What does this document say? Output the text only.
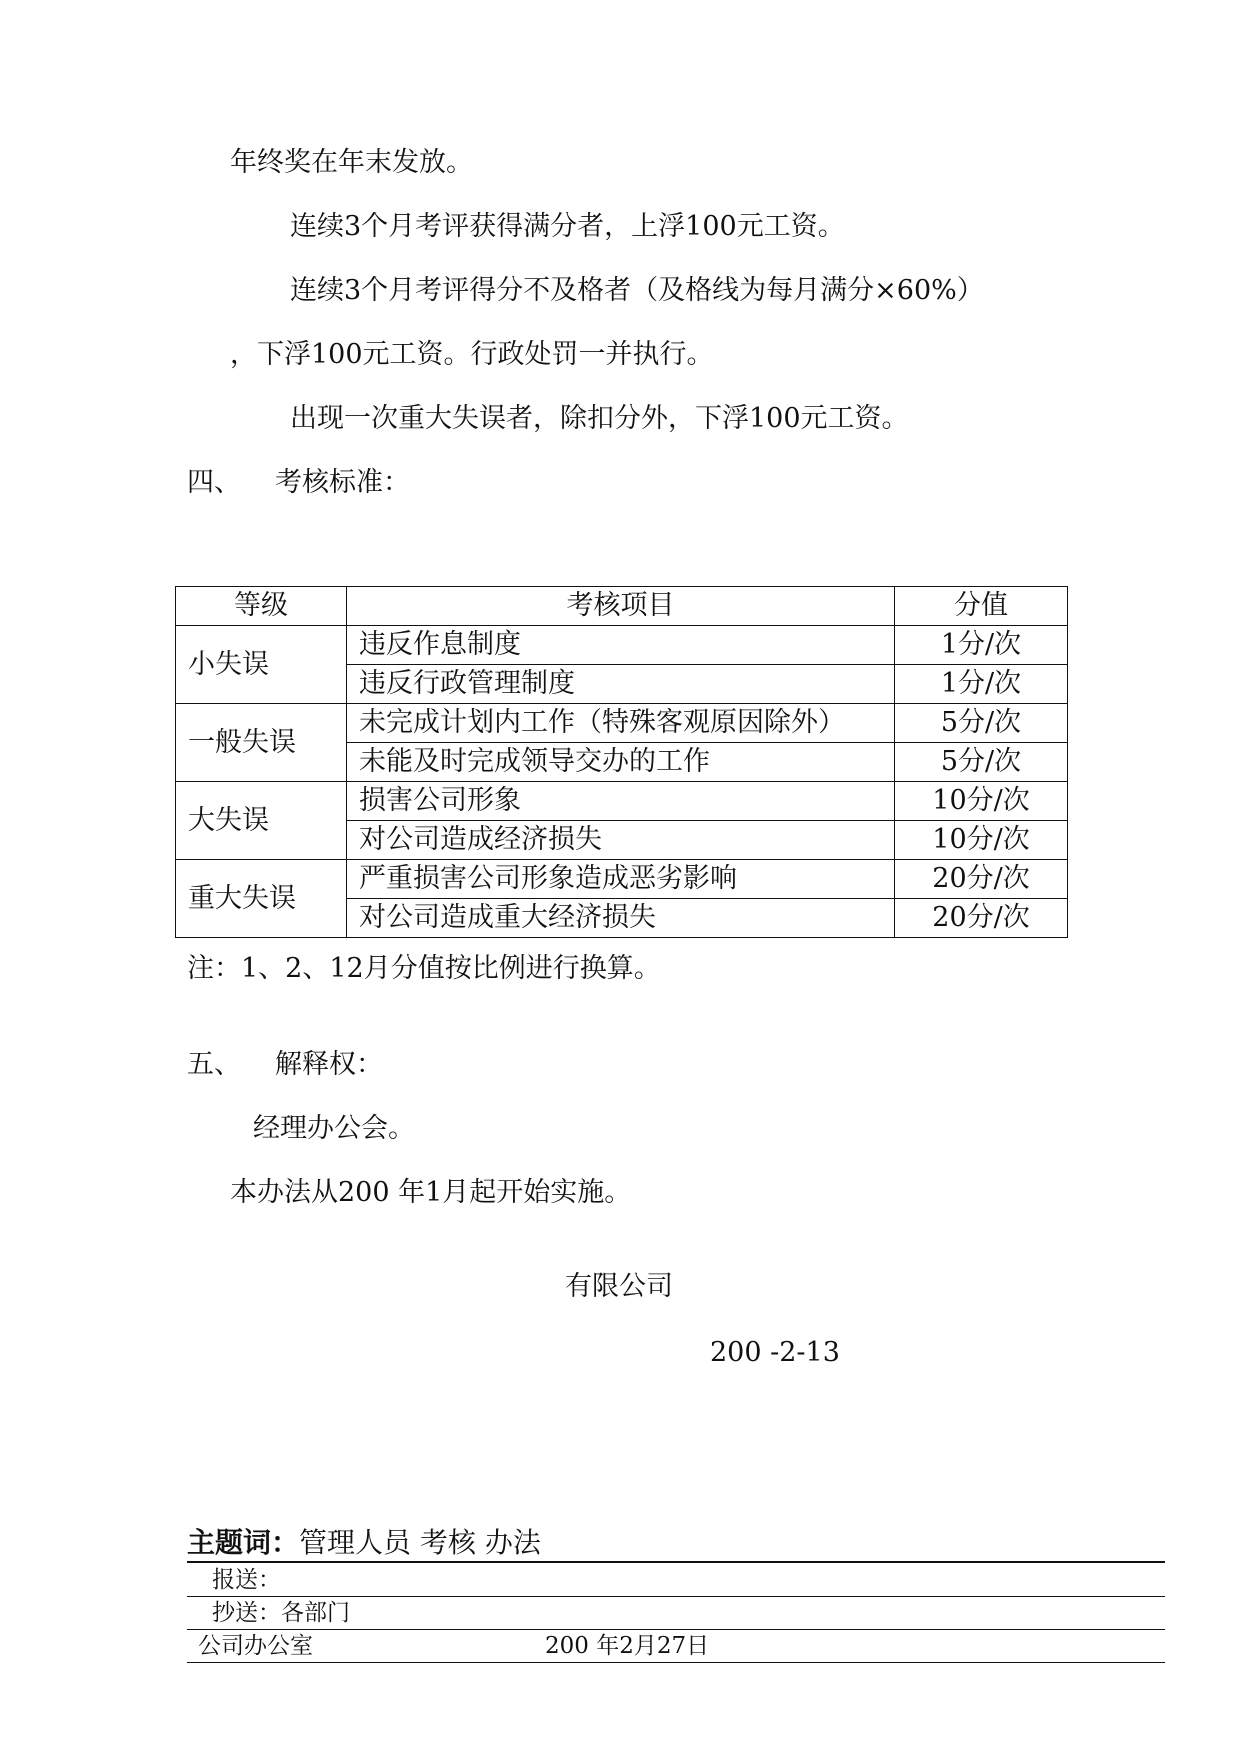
年终奖在年末发放。
连续3个月考评获得满分者，上浮100元工资。
连续3个月考评得分不及格者（及格线为每月满分×60%）
，下浮100元工资。行政处罚一并执行。
出现一次重大失误者，除扣分外，下浮100元工资。
四、 考核标准：
等级	考核项目	分值
小失误	违反作息制度	1分/次
	违反行政管理制度	1分/次
一般失误	未完成计划内工作（特殊客观原因除外）	5分/次
	未能及时完成领导交办的工作	5分/次
大失误	损害公司形象	10分/次
	对公司造成经济损失	10分/次
重大失误	严重损害公司形象造成恶劣影响	20分/次
	对公司造成重大经济损失	20分/次
注：1、2、12月分值按比例进行换算。
五、 解释权：
经理办公会。
本办法从200 年1月起开始实施。
有限公司
200 -2-13
主题词：管理人员 考核 办法
报送：
抄送：各部门
公司办公室	200 年2月27日
